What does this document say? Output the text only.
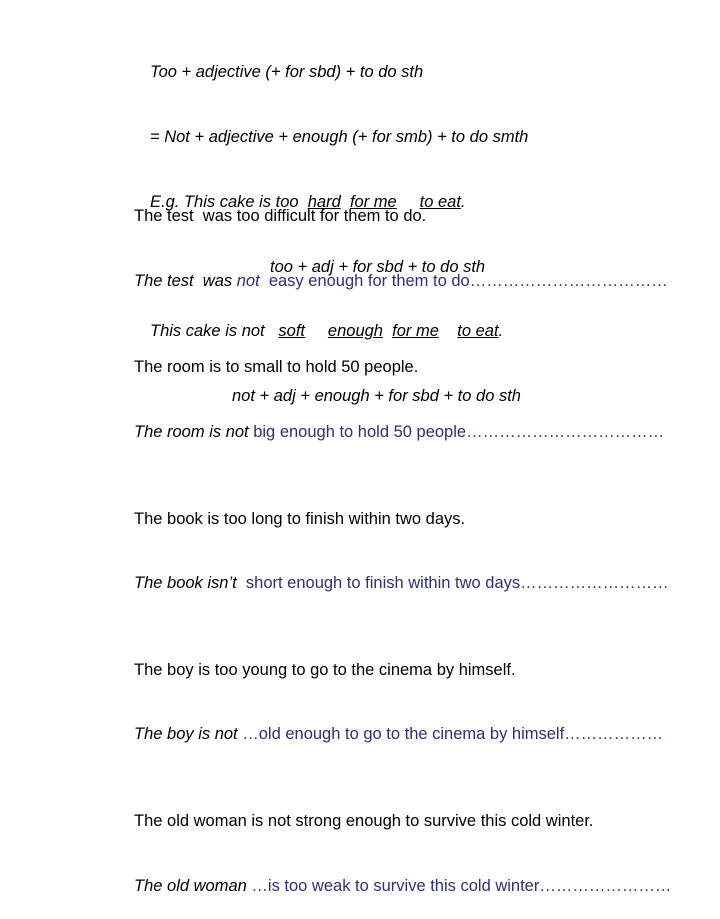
Too + adjective (+ for sbd) + to do sth

= Not + adjective + enough (+ for smb) + to do smth

E.g. This cake is too  hard for me to eat.

too + adj + for sbd + to do sth

This cake is not   soft enough for me to eat.

not + adj + enough + for sbd + to do sth

The test  was too difficult for them to do.

The test  was not  easy enough for them to do………………………………

The room is to small to hold 50 people.

The room is not big enough to hold 50 people………………………………

The book is too long to finish within two days.

The book isn’t  short enough to finish within two days………………………

The boy is too young to go to the cinema by himself.

The boy is not …old enough to go to the cinema by himself………………

The old woman is not strong enough to survive this cold winter.

The old woman …is too weak to survive this cold winter……………………
